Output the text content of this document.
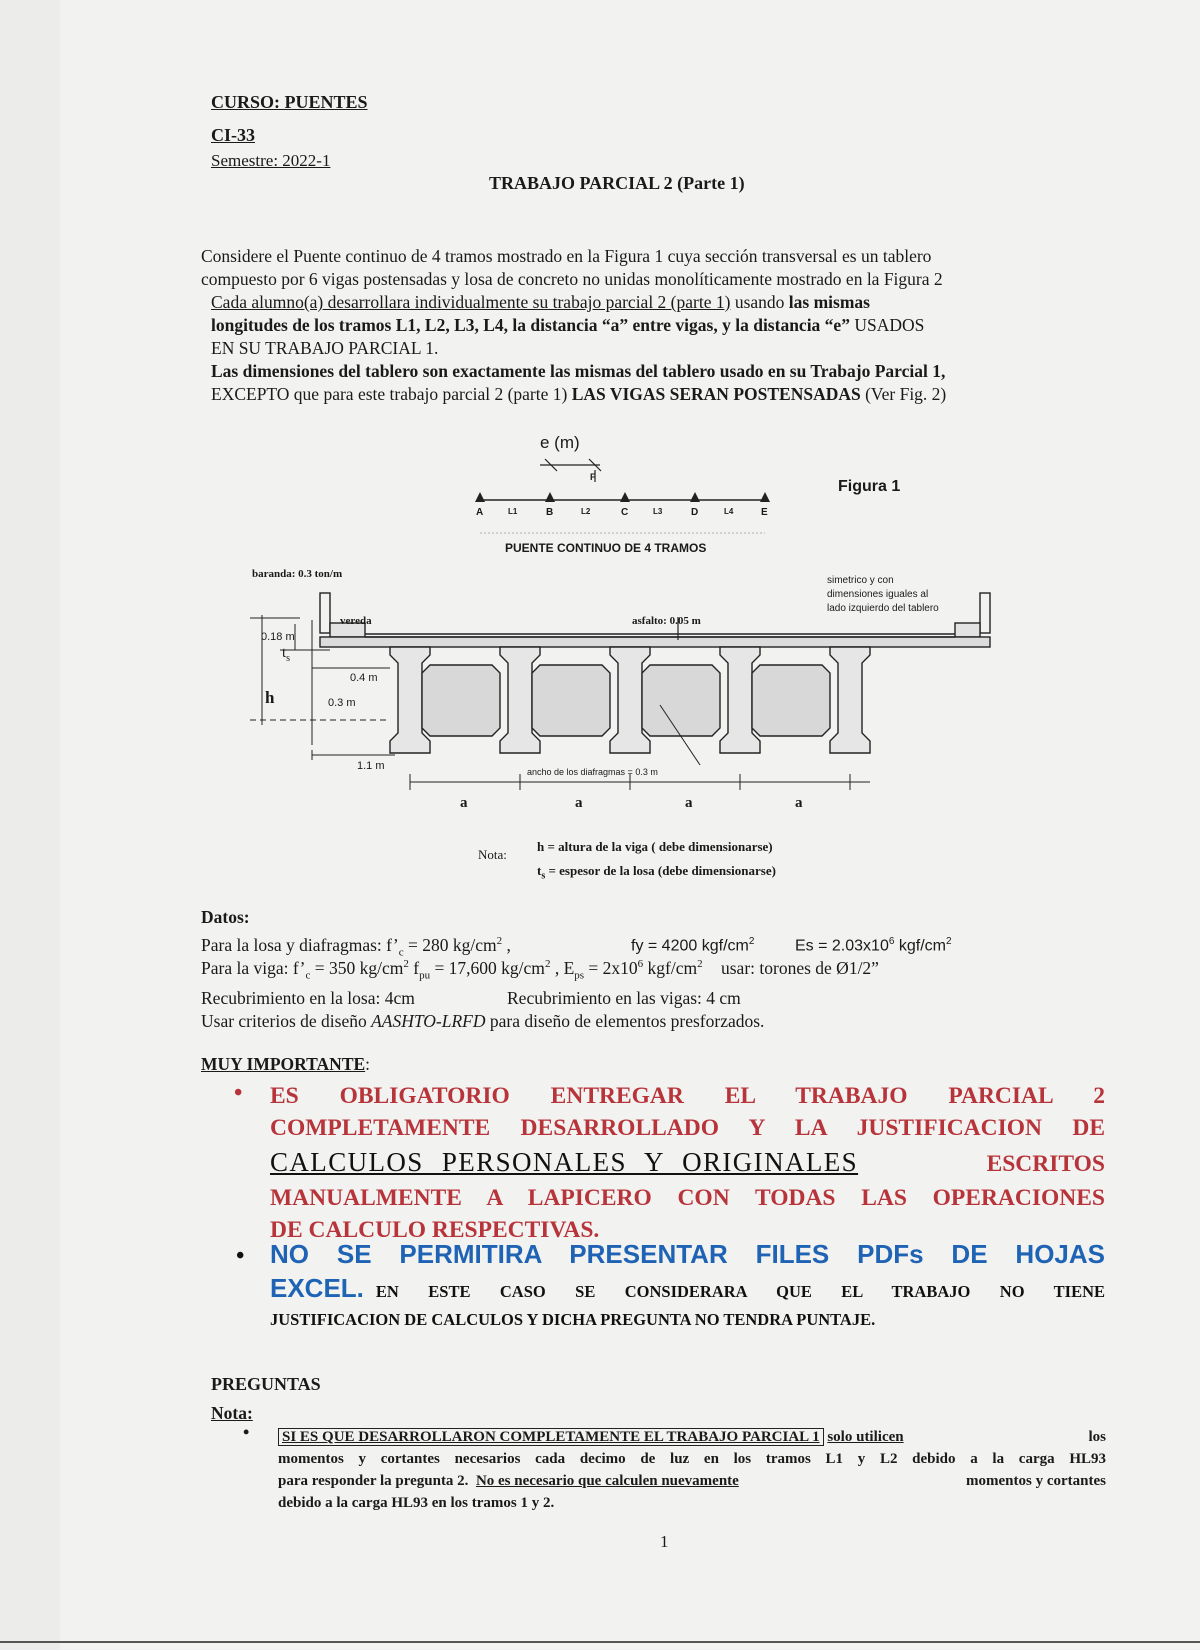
CURSO: PUENTES
CI-33
Semestre: 2022-1
TRABAJO PARCIAL 2 (Parte 1)
Considere el Puente continuo de 4 tramos mostrado en la Figura 1 cuya sección transversal es un tablero
compuesto por 6 vigas postensadas y losa de concreto no unidas monolíticamente mostrado en la Figura 2
Cada alumno(a) desarrollara individualmente su trabajo parcial 2 (parte 1) usando las mismas
longitudes de los tramos L1, L2, L3, L4, la distancia “a” entre vigas, y la distancia “e” USADOS
EN SU TRABAJO PARCIAL 1.
Las dimensiones del tablero son exactamente las mismas del tablero usado en su Trabajo Parcial 1,
EXCEPTO que para este trabajo parcial 2 (parte 1) LAS VIGAS SERAN POSTENSADAS (Ver Fig. 2)
e (m)
F
A	B	C	D	E
L1	L2	L3	L4
Figura 1
PUENTE CONTINUO DE 4 TRAMOS
baranda: 0.3 ton/m
vereda	asfalto: 0.05 m
simetrico y con
dimensiones iguales al
lado izquierdo del tablero
0.18 m
$t_s$
h
0.4 m
0.3 m
1.1 m	ancho de los diafragmas = 0.3 m
a	a	a	a
Nota:
h = altura de la viga ( debe dimensionarse)
$t_s$ = espesor de la losa (debe dimensionarse)
Datos:
Para la losa y diafragmas: $f’_c = 280$ $kg/cm^2$ ,	fy = 4200 kgf/$cm^2$	$Es = 2.03x10^6$ kgf/$cm^2$
Para la viga: $f’_c = 350$ $kg/cm^2$ $f_{pu} = 17,600$ $kg/cm^2$ , $E_{ps} = 2x10^6$ kgf/$cm^2$ usar: torones de Ø1/2”
Recubrimiento en la losa: 4cm	Recubrimiento en las vigas: 4 cm
Usar criterios de diseño AASHTO-LRFD para diseño de elementos presforzados.
MUY IMPORTANTE:
• ES OBLIGATORIO ENTREGAR EL TRABAJO PARCIAL 2
COMPLETAMENTE DESARROLLADO Y LA JUSTIFICACION DE
CALCULOS PERSONALES Y ORIGINALES	ESCRITOS
MANUALMENTE A LAPICERO CON TODAS LAS OPERACIONES
DE CALCULO RESPECTIVAS.
• NO SE PERMITIRA PRESENTAR FILES PDFs DE HOJAS
EXCEL. EN ESTE CASO SE CONSIDERARA QUE EL TRABAJO NO TIENE
JUSTIFICACION DE CALCULOS Y DICHA PREGUNTA NO TENDRA PUNTAJE.
PREGUNTAS
Nota:
• SI ES QUE DESARROLLARON COMPLETAMENTE EL TRABAJO PARCIAL 1 solo utilicen	los
momentos y cortantes necesarios cada decimo de luz en los tramos L1 y L2 debido a la carga HL93
para responder la pregunta 2. No es necesario que calculen nuevamente	momentos y cortantes
debido a la carga HL93 en los tramos 1 y 2.
1
